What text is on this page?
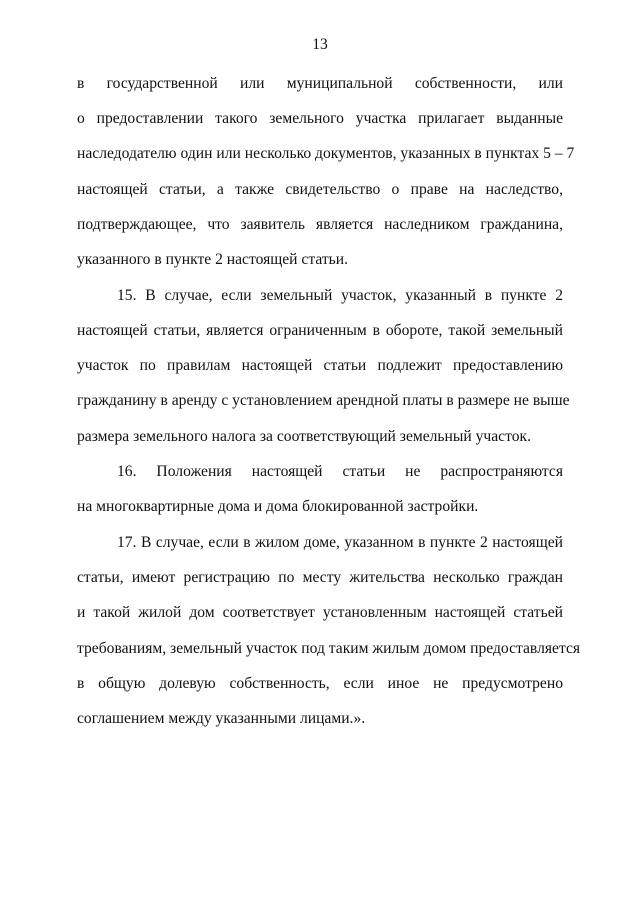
13
в государственной или муниципальной собственности, или
о предоставлении такого земельного участка прилагает выданные
наследодателю один или несколько документов, указанных в пунктах 5 – 7
настоящей статьи, а также свидетельство о праве на наследство,
подтверждающее, что заявитель является наследником гражданина,
указанного в пункте 2 настоящей статьи.
15. В случае, если земельный участок, указанный в пункте 2
настоящей статьи, является ограниченным в обороте, такой земельный
участок по правилам настоящей статьи подлежит предоставлению
гражданину в аренду с установлением арендной платы в размере не выше
размера земельного налога за соответствующий земельный участок.
16. Положения настоящей статьи не распространяются
на многоквартирные дома и дома блокированной застройки.
17. В случае, если в жилом доме, указанном в пункте 2 настоящей
статьи, имеют регистрацию по месту жительства несколько граждан
и такой жилой дом соответствует установленным настоящей статьей
требованиям, земельный участок под таким жилым домом предоставляется
в общую долевую собственность, если иное не предусмотрено
соглашением между указанными лицами.».
